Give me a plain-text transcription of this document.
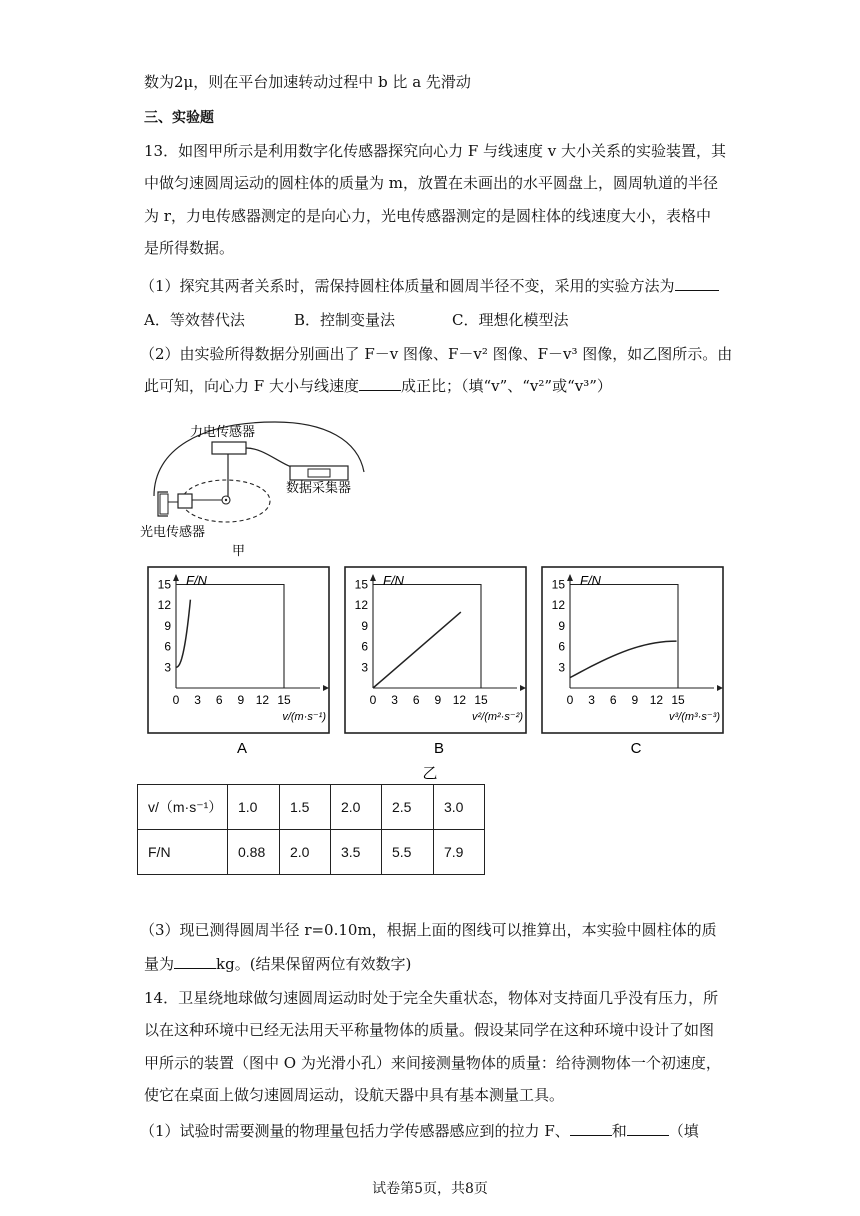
数为2μ，则在平台加速转动过程中 b 比 a 先滑动
三、实验题
13．如图甲所示是利用数字化传感器探究向心力 F 与线速度 v 大小关系的实验装置，其
中做匀速圆周运动的圆柱体的质量为 m，放置在未画出的水平圆盘上，圆周轨道的半径
为 r，力电传感器测定的是向心力，光电传感器测定的是圆柱体的线速度大小，表格中
是所得数据。
（1）探究其两者关系时，需保持圆柱体质量和圆周半径不变，采用的实验方法为
A．等效替代法	B．控制变量法	C．理想化模型法
（2）由实验所得数据分别画出了 F－v 图像、F－v² 图像、F－v³ 图像，如乙图所示。由
此可知，向心力 F 大小与线速度	成正比；（填“v”、“v²”或“v³”）
力电传感器
数据采集器
光电传感器
甲
3
6
9
12
15
0 3 6 9 12 15
F/N
v/(m·s⁻¹)
A
3
6
9
12
15
0 3 6 9 12 15
F/N
v²/(m²·s⁻²)
B
3
6
9
12
15
0 3 6 9 12 15
F/N
v³/(m³·s⁻³)
C
乙
v/（m·s⁻¹）	1.0	1.5	2.0	2.5	3.0
F/N	0.88	2.0	3.5	5.5	7.9
（3）现已测得圆周半径 r=0.10m，根据上面的图线可以推算出，本实验中圆柱体的质
量为	kg。(结果保留两位有效数字)
14．卫星绕地球做匀速圆周运动时处于完全失重状态，物体对支持面几乎没有压力，所
以在这种环境中已经无法用天平称量物体的质量。假设某同学在这种环境中设计了如图
甲所示的装置（图中 O 为光滑小孔）来间接测量物体的质量：给待测物体一个初速度，
使它在桌面上做匀速圆周运动，设航天器中具有基本测量工具。
（1）试验时需要测量的物理量包括力学传感器感应到的拉力 F、	和	（填
试卷第5页，共8页
